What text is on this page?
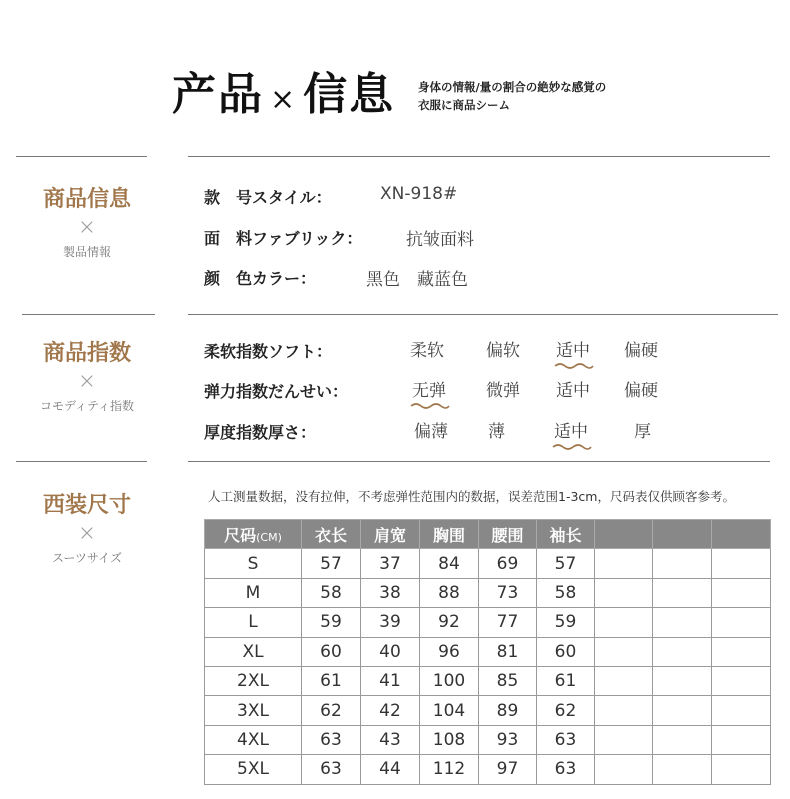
产品 × 信息 身体の情報/量の割合の絶妙な感覚の
衣服に商品シーム
商品信息
×
製品情報
款　号スタイル：	XN-918#
面　料ファブリック：	抗皱面料
颜　色カラー：	黑色　藏蓝色
商品指数
×
コモディティ指数
柔软指数ソフト：	柔软 偏软 适中 偏硬
弹力指数だんせい：	无弹 微弹 适中 偏硬
厚度指数厚さ：	偏薄 薄	适中	厚
西装尺寸
×
スーツサイズ
人工测量数据，没有拉伸，不考虑弹性范围内的数据，误差范围1-3cm，尺码表仅供顾客参考。
尺码(CM)	衣长	肩宽	胸围	腰围	袖长			
S	57	37	84	69	57			
M	58	38	88	73	58			
L	59	39	92	77	59			
XL	60	40	96	81	60			
2XL	61	41	100	85	61			
3XL	62	42	104	89	62			
4XL	63	43	108	93	63			
5XL	63	44	112	97	63			
